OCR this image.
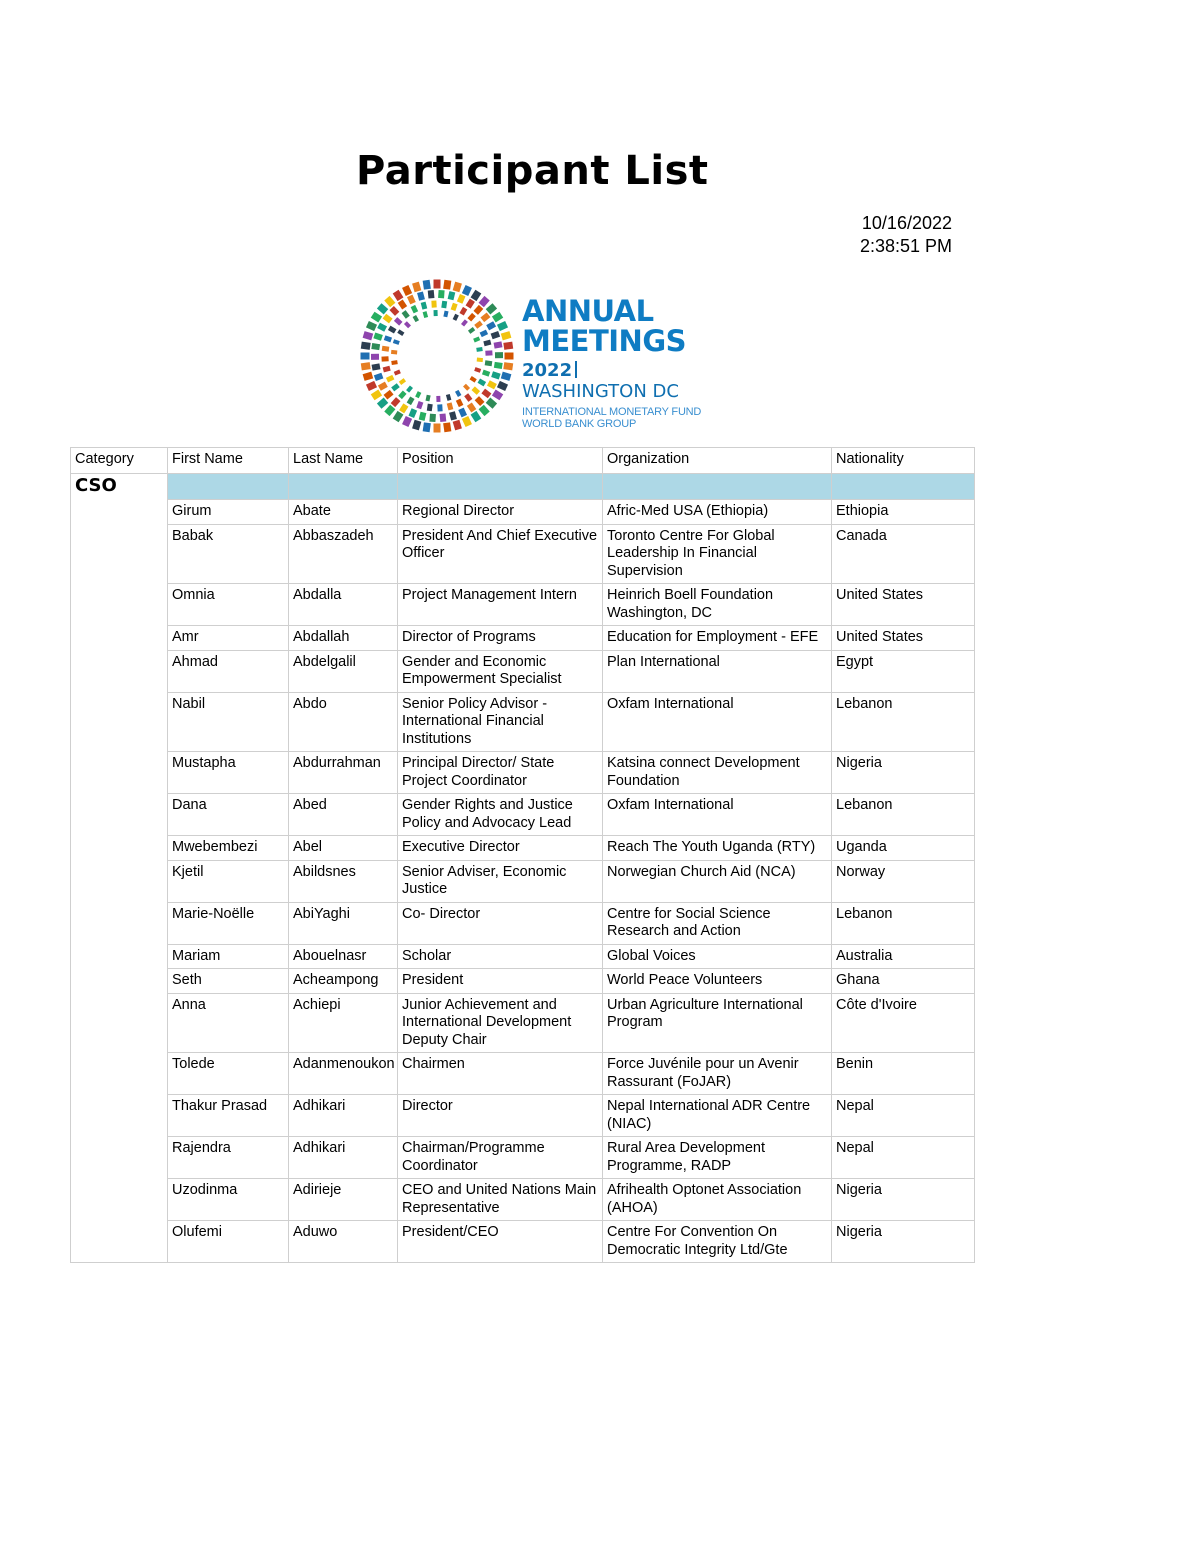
Participant List
10/16/2022
2:38:51 PM
ANNUAL
MEETINGS
2022WASHINGTON DC
INTERNATIONAL MONETARY FUND
WORLD BANK GROUP
Category	First Name	Last Name	Position	Organization	Nationality
CSO					
	Girum	Abate	Regional Director	Afric-Med USA (Ethiopia)	Ethiopia
	Babak	Abbaszadeh	President And Chief Executive Officer	Toronto Centre For Global Leadership In Financial Supervision	Canada
	Omnia	Abdalla	Project Management Intern	Heinrich Boell Foundation Washington, DC	United States
	Amr	Abdallah	Director of Programs	Education for Employment - EFE	United States
	Ahmad	Abdelgalil	Gender and Economic Empowerment Specialist	Plan International	Egypt
	Nabil	Abdo	Senior Policy Advisor - International Financial Institutions	Oxfam International	Lebanon
	Mustapha	Abdurrahman	Principal Director/ State Project Coordinator	Katsina connect Development Foundation	Nigeria
	Dana	Abed	Gender Rights and Justice Policy and Advocacy Lead	Oxfam International	Lebanon
	Mwebembezi	Abel	Executive Director	Reach The Youth Uganda (RTY)	Uganda
	Kjetil	Abildsnes	Senior Adviser, Economic Justice	Norwegian Church Aid (NCA)	Norway
	Marie-Noëlle	AbiYaghi	Co- Director	Centre for Social Science Research and Action	Lebanon
	Mariam	Abouelnasr	Scholar	Global Voices	Australia
	Seth	Acheampong	President	World Peace Volunteers	Ghana
	Anna	Achiepi	Junior Achievement and International Development Deputy Chair	Urban Agriculture International Program	Côte d'Ivoire
	Tolede	Adanmenoukon	Chairmen	Force Juvénile pour un Avenir Rassurant (FoJAR)	Benin
	Thakur Prasad	Adhikari	Director	Nepal International ADR Centre (NIAC)	Nepal
	Rajendra	Adhikari	Chairman/Programme Coordinator	Rural Area Development Programme, RADP	Nepal
	Uzodinma	Adirieje	CEO and United Nations Main Representative	Afrihealth Optonet Association (AHOA)	Nigeria
	Olufemi	Aduwo	President/CEO	Centre For Convention On Democratic Integrity Ltd/Gte	Nigeria
